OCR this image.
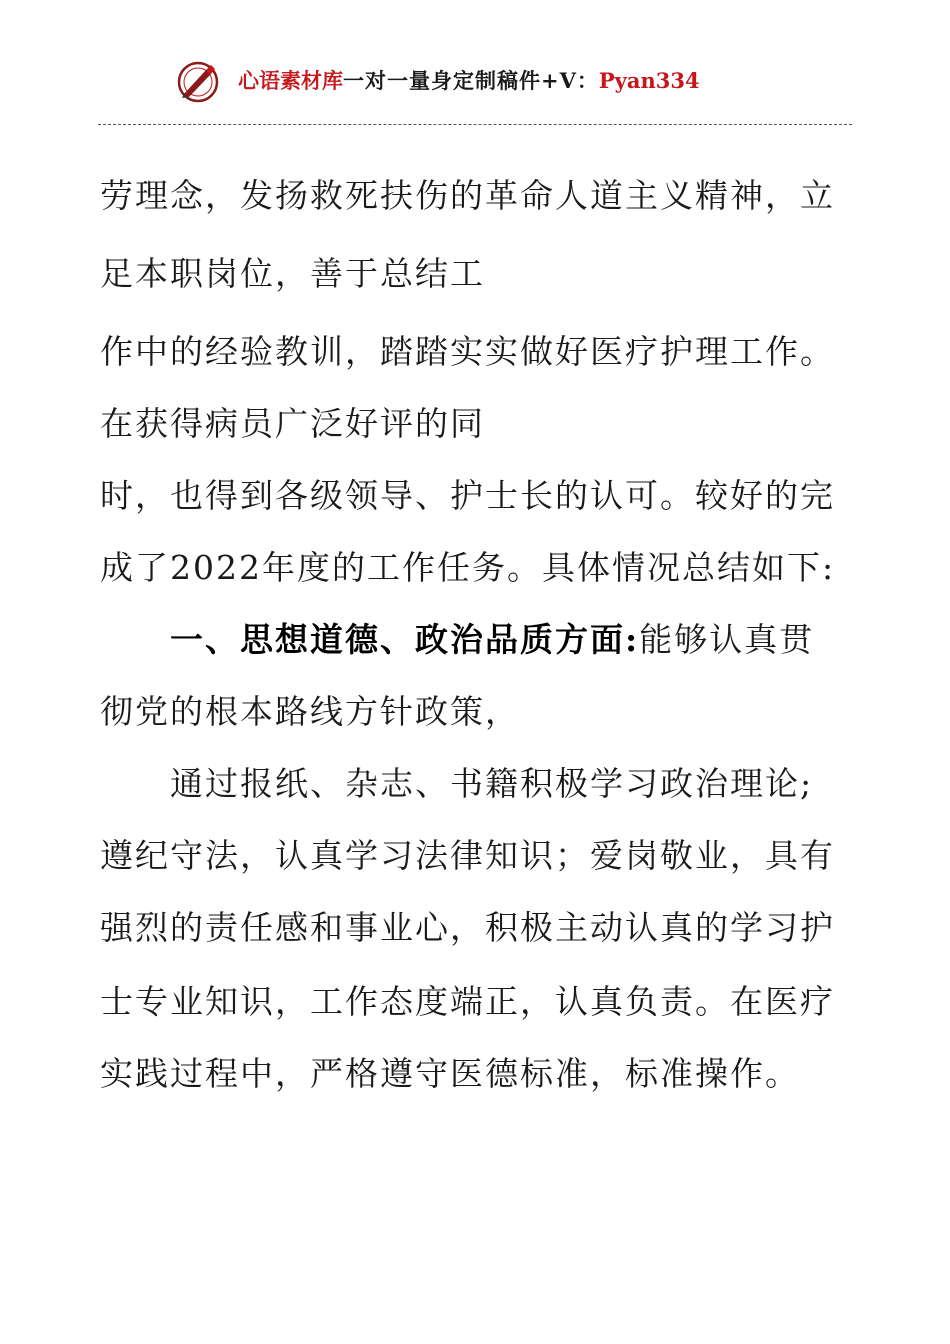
心语素材库一对一量身定制稿件+V：Pyan334
劳理念，发扬救死扶伤的革命人道主义精神，立
足本职岗位，善于总结工
作中的经验教训，踏踏实实做好医疗护理工作。
在获得病员广泛好评的同
时，也得到各级领导、护士长的认可。较好的完
成了2022年度的工作任务。具体情况总结如下:
一、思想道德、政治品质方面:能够认真贯
彻党的根本路线方针政策，
通过报纸、杂志、书籍积极学习政治理论;
遵纪守法，认真学习法律知识；爱岗敬业，具有
强烈的责任感和事业心，积极主动认真的学习护
士专业知识，工作态度端正，认真负责。在医疗
实践过程中，严格遵守医德标准，标准操作。
